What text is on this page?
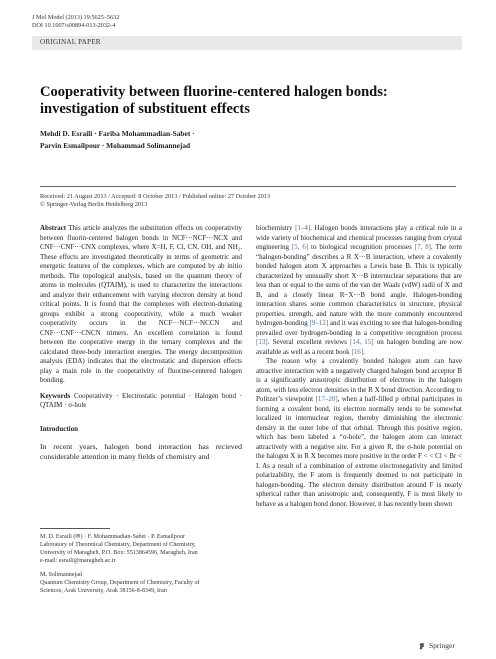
J Mol Model (2013) 19:5625–5632
DOI 10.1007/s00894-013-2032-4
ORIGINAL PAPER
Cooperativity between fluorine-centered halogen bonds: investigation of substituent effects
Mehdi D. Esraili · Fariba Mohammadian-Sabet ·
Parvin Esmailpour · Mohammad Solimannejad
Received: 21 August 2013 / Accepted: 8 October 2013 / Published online: 27 October 2013
© Springer-Verlag Berlin Heidelberg 2013

Abstract This article analyzes the substitution effects on cooperativity between fluorin-centered halogen bonds in NCF···NCF···NCX and CNF···CNF···CNX complexes, where X=H, F, Cl, CN, OH, and NH₂. These effects are investigated theoretically in terms of geometric and energetic features of the complexes, which are computed by ab initio methods. The topological analysis, based on the quantum theory of atoms in molecules (QTAIM), is used to characterize the interactions and analyze their enhancement with varying electron density at bond critical points. It is found that the complexes with electron-donating groups exhibit a strong cooperativity, while a much weaker cooperativity occurs in the NCF···NCF···NCCN and CNF···CNF···CNCN trimers. An excellent correlation is found between the cooperative energy in the ternary complexes and the calculated three-body interaction energies. The energy decomposition analysis (EDA) indicates that the electrostatic and dispersion effects play a main role in the cooperativity of fluorine-centered halogen bonding.

Keywords Cooperativity · Electrostatic potential · Halogen bond · QTAIM · σ-hole

Introduction

In recent years, halogen bond interaction has recieved considerable attention in many fields of chemistry and

M. D. Esraili (✉) · F. Mohammadian-Sabet · P. Esmailpour

Laboratory of Theoretical Chemistry, Department of Chemistry,

University of Maragheh, P.O. Box: 5513864596, Maragheh, Iran

e-mail: esraili@maragheh.ac.ir

M. Solimannejad

Quantum Chemistry Group, Department of Chemistry, Faculty of

Sciences, Arak University, Arak 38156-8-8349, Iran

biochemistry [1–4]. Halogen bonds interactions play a critical role in a wide variety of biochemical and chemical processes ranging from crystal engineering [5, 6] to biological recognition processes [7, 8]. The term “halogen-bonding” describes a R X···B interaction, where a covalently bonded halogen atom X approaches a Lewis base B. This is typically characterized by unusually short X···B internuclear separations that are less than or equal to the sums of the van der Waals (vdW) radii of X and B, and a closely linear R−X···B bond angle. Halogen-bonding interaction shares some common characteristics in structure, physical properties, strength, and nature with the more commonly encountered hydrogen-bonding [9–12] and it was exciting to see that halogen-bonding prevailed over hydrogen-bonding in a competitive recognition process [13]. Several excellent reviews [14, 15] on halogen bonding are now available as well as a recent book [16].

The reason why a covalently bonded halogen atom can have attractive interaction with a negatively charged halogen bond acceptor B is a significantly anisotropic distribution of electrons in the halogen atom, with less electron densities in the R X bond direction. According to Politzer’s viewpoint [17–20], when a half-filled p orbital participates in forming a covalent bond, its electron normally tends to be somewhat localized in internuclear region, thereby diminishing the electronic density in the outer lobe of that orbital. Through this positive region, which has been labeled a “σ-hole”, the halogen atom can interact attractively with a negative site. For a given R, the σ-hole potential on the halogen X in R X becomes more positive in the order F < < Cl < Br < I. As a result of a combination of extreme electronegativity and limited polarizability, the F atom is frequently deemed to not participate in halogen-bonding. The electron density distribution around F is nearly spherical rather than anisotropic and, consequently, F is most likely to behave as a halogen bond donor. However, it has recently been shown

Springer
